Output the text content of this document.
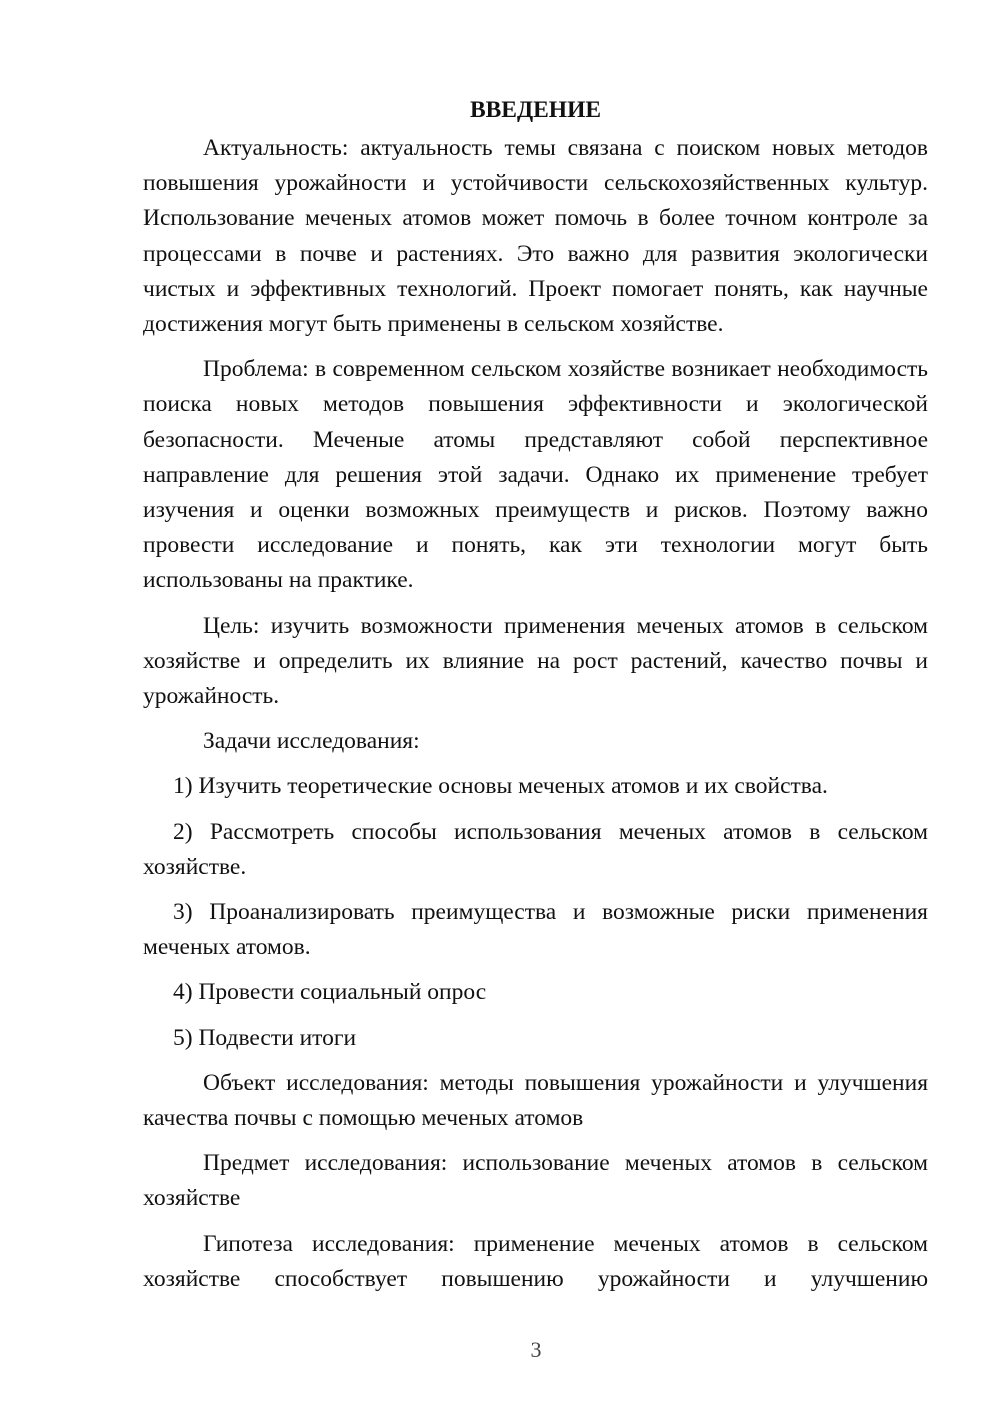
ВВЕДЕНИЕ

Актуальность: актуальность темы связана с поиском новых методов повышения урожайности и устойчивости сельскохозяйственных культур. Использование меченых атомов может помочь в более точном контроле за процессами в почве и растениях. Это важно для развития экологически чистых и эффективных технологий. Проект помогает понять, как научные достижения могут быть применены в сельском хозяйстве.

Проблема: в современном сельском хозяйстве возникает необходимость поиска новых методов повышения эффективности и экологической безопасности. Меченые атомы представляют собой перспективное направление для решения этой задачи. Однако их применение требует изучения и оценки возможных преимуществ и рисков. Поэтому важно провести исследование и понять, как эти технологии могут быть использованы на практике.

Цель: изучить возможности применения меченых атомов в сельском хозяйстве и определить их влияние на рост растений, качество почвы и урожайность.

Задачи исследования:

1) Изучить теоретические основы меченых атомов и их свойства.

2) Рассмотреть способы использования меченых атомов в сельском хозяйстве.

3) Проанализировать преимущества и возможные риски применения меченых атомов.

4) Провести социальный опрос

5) Подвести итоги

Объект исследования: методы повышения урожайности и улучшения качества почвы с помощью меченых атомов

Предмет исследования: использование меченых атомов в сельском хозяйстве

Гипотеза исследования: применение меченых атомов в сельском хозяйстве способствует повышению урожайности и улучшению

3
